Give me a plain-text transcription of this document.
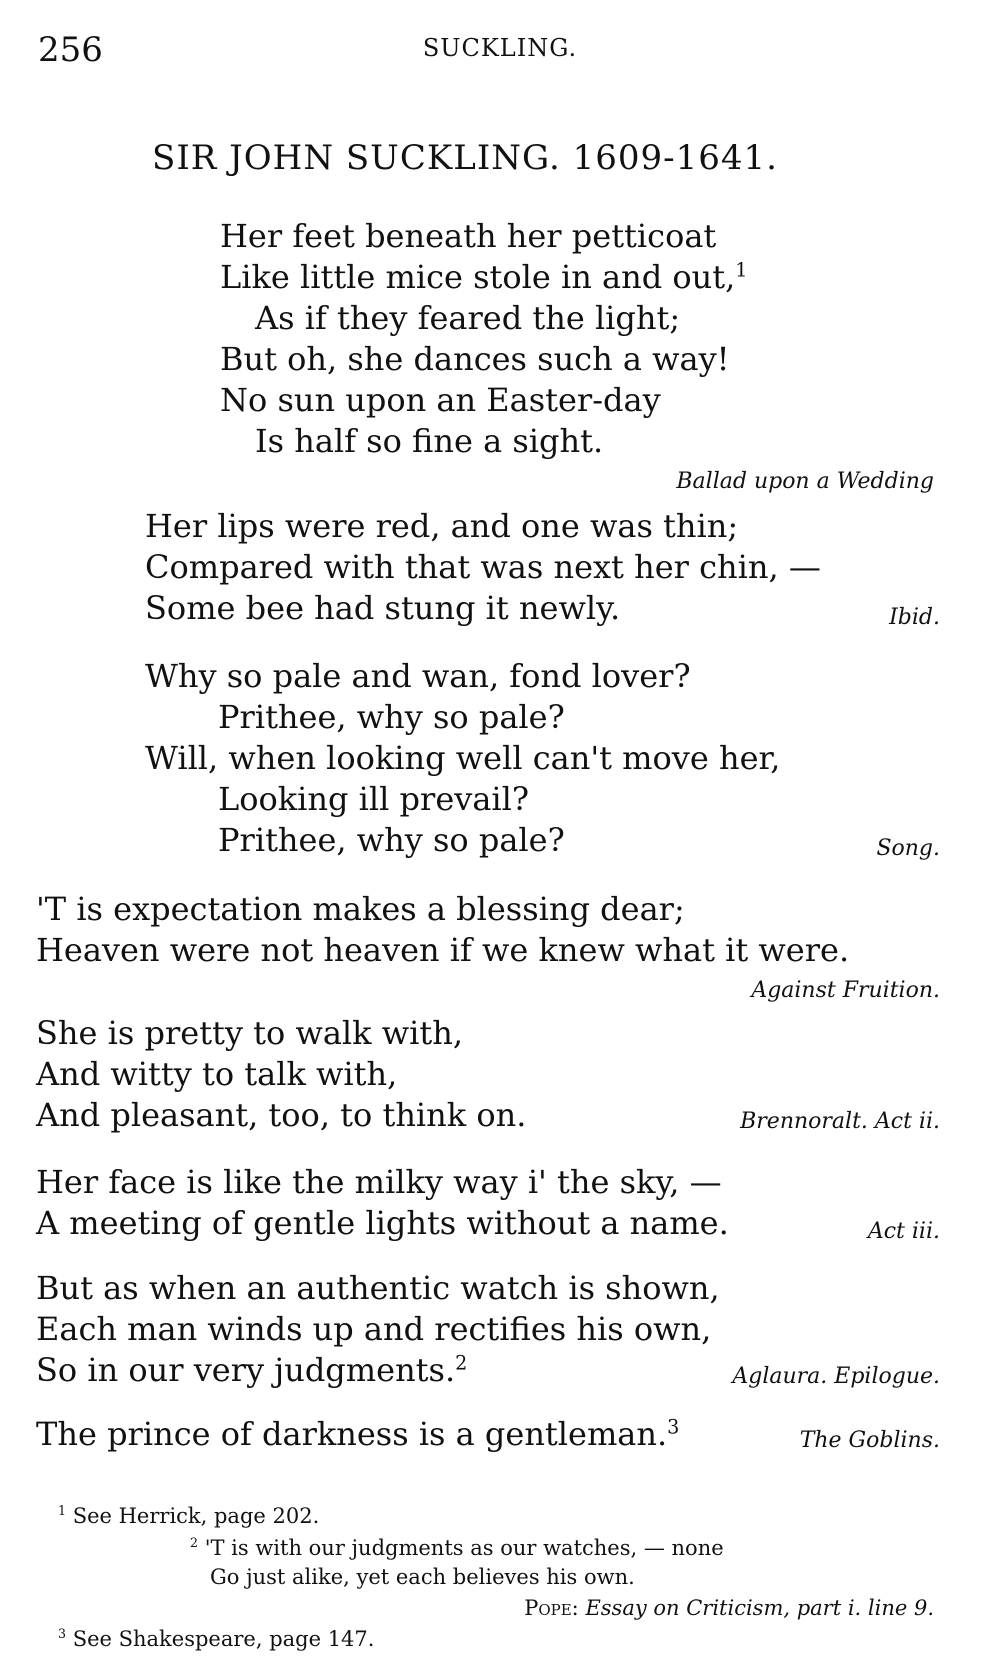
256	SUCKLING.
SIR JOHN SUCKLING. 1609-1641.
Her feet beneath her petticoat
Like little mice stole in and out,$^1$
As if they feared the light;
But oh, she dances such a way!
No sun upon an Easter-day
Is half so fine a sight.
Ballad upon a Wedding
Her lips were red, and one was thin;
Compared with that was next her chin, —
Some bee had stung it newly.	Ibid.
Why so pale and wan, fond lover?
Prithee, why so pale?
Will, when looking well can't move her,
Looking ill prevail?
Prithee, why so pale?	Song.
'T is expectation makes a blessing dear;
Heaven were not heaven if we knew what it were.
Against Fruition.
She is pretty to walk with,
And witty to talk with,
And pleasant, too, to think on.	Brennoralt. Act ii.
Her face is like the milky way i' the sky, —
A meeting of gentle lights without a name.	Act iii.
But as when an authentic watch is shown,
Each man winds up and rectifies his own,
So in our very judgments.$^2$
Aglaura. Epilogue.
The prince of darkness is a gentleman.$^3$
The Goblins.
$^1$ See Herrick, page 202.
$^2$ 'T is with our judgments as our watches, — none
Go just alike, yet each believes his own.
Pope: Essay on Criticism, part i. line 9.
$^3$ See Shakespeare, page 147.
